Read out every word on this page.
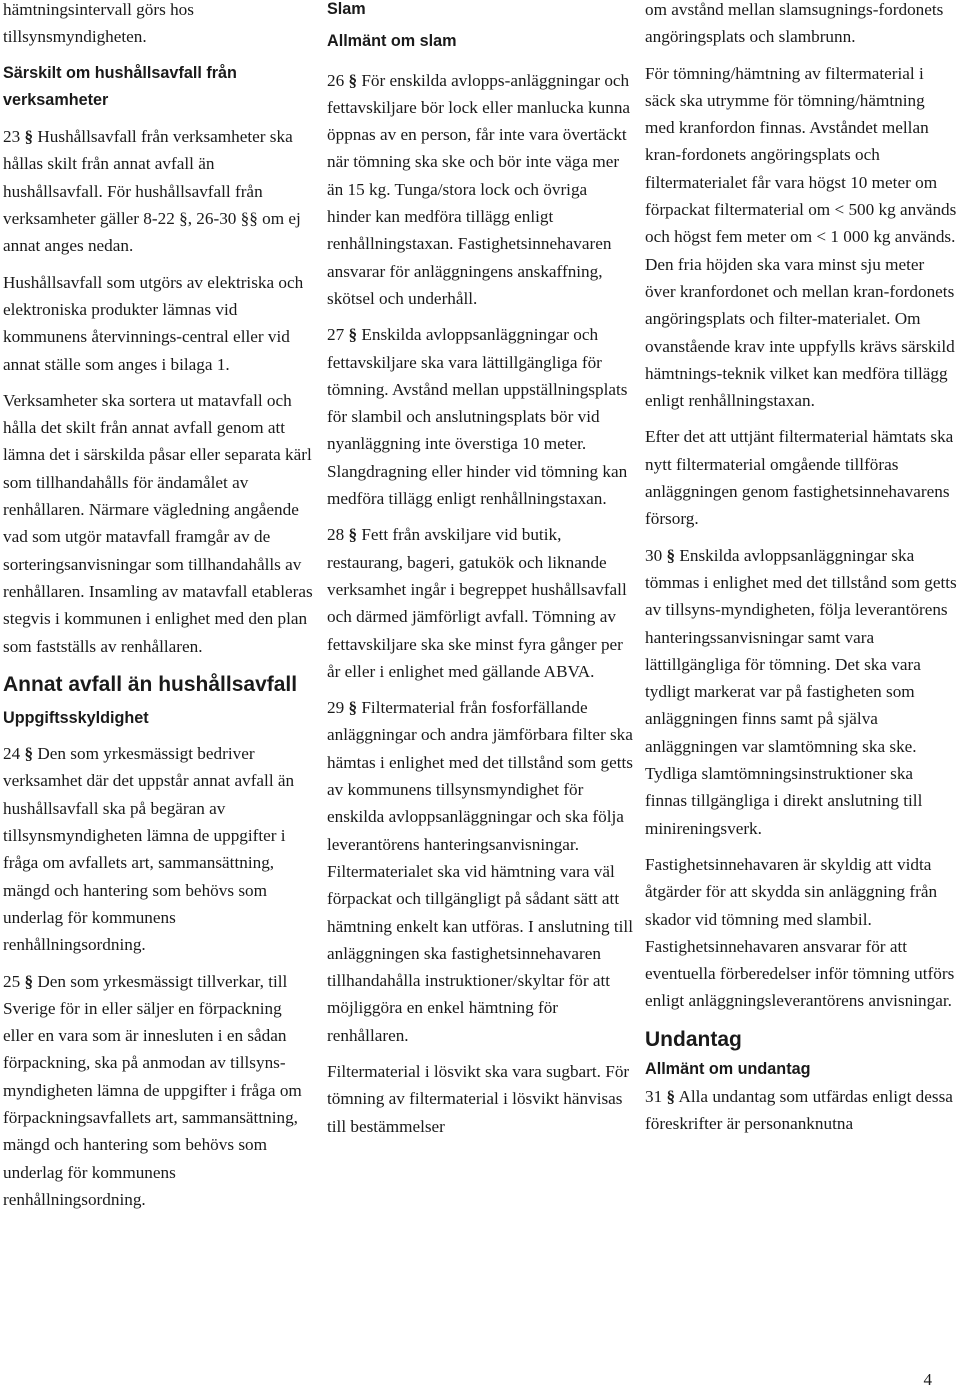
hämtningsintervall görs hos tillsynsmyndigheten.

Särskilt om hushållsavfall från verksamheter

23 § Hushållsavfall från verksamheter ska hållas skilt från annat avfall än hushållsavfall. För hushållsavfall från verksamheter gäller 8-22 §, 26-30 §§ om ej annat anges nedan.

Hushållsavfall som utgörs av elektriska och elektroniska produkter lämnas vid kommunens återvinnings-central eller vid annat ställe som anges i bilaga 1.

Verksamheter ska sortera ut matavfall och hålla det skilt från annat avfall genom att lämna det i särskilda påsar eller separata kärl som tillhandahålls för ändamålet av renhållaren. Närmare vägledning angående vad som utgör matavfall framgår av de sorteringsanvisningar som tillhandahålls av renhållaren. Insamling av matavfall etableras stegvis i kommunen i enlighet med den plan som fastställs av renhållaren.

Annat avfall än hushållsavfall
Uppgiftsskyldighet

24 § Den som yrkesmässigt bedriver verksamhet där det uppstår annat avfall än hushållsavfall ska på begäran av tillsynsmyndigheten lämna de uppgifter i fråga om avfallets art, sammansättning, mängd och hantering som behövs som underlag för kommunens renhållningsordning.

25 § Den som yrkesmässigt tillverkar, till Sverige för in eller säljer en förpackning eller en vara som är innesluten i en sådan förpackning, ska på anmodan av tillsyns-myndigheten lämna de uppgifter i fråga om förpackningsavfallets art, sammansättning, mängd och hantering som behövs som underlag för kommunens renhållningsordning.

Slam
Allmänt om slam

26 § För enskilda avlopps-anläggningar och fettavskiljare bör lock eller manlucka kunna öppnas av en person, får inte vara övertäckt när tömning ska ske och bör inte väga mer än 15 kg. Tunga/stora lock och övriga hinder kan medföra tillägg enligt renhållningstaxan. Fastighetsinnehavaren ansvarar för anläggningens anskaffning, skötsel och underhåll.

27 § Enskilda avloppsanläggningar och fettavskiljare ska vara lättillgängliga för tömning. Avstånd mellan uppställningsplats för slambil och anslutningsplats bör vid nyanläggning inte överstiga 10 meter. Slangdragning eller hinder vid tömning kan medföra tillägg enligt renhållningstaxan.

28 § Fett från avskiljare vid butik, restaurang, bageri, gatukök och liknande verksamhet ingår i begreppet hushållsavfall och därmed jämförligt avfall. Tömning av fettavskiljare ska ske minst fyra gånger per år eller i enlighet med gällande ABVA.

29 § Filtermaterial från fosforfällande anläggningar och andra jämförbara filter ska hämtas i enlighet med det tillstånd som getts av kommunens tillsynsmyndighet för enskilda avloppsanläggningar och ska följa leverantörens hanteringsanvisningar. Filtermaterialet ska vid hämtning vara väl förpackat och tillgängligt på sådant sätt att hämtning enkelt kan utföras. I anslutning till anläggningen ska fastighetsinnehavaren tillhandahålla instruktioner/skyltar för att möjliggöra en enkel hämtning för renhållaren.

Filtermaterial i lösvikt ska vara sugbart. För tömning av filtermaterial i lösvikt hänvisas till bestämmelser

om avstånd mellan slamsugnings-fordonets angöringsplats och slambrunn.

För tömning/hämtning av filtermaterial i säck ska utrymme för tömning/hämtning med kranfordon finnas. Avståndet mellan kran-fordonets angöringsplats och filtermaterialet får vara högst 10 meter om förpackat filtermaterial om < 500 kg används och högst fem meter om < 1 000 kg används. Den fria höjden ska vara minst sju meter över kranfordonet och mellan kran-fordonets angöringsplats och filter-materialet. Om ovanstående krav inte uppfylls krävs särskild hämtnings-teknik vilket kan medföra tillägg enligt renhållningstaxan.

Efter det att uttjänt filtermaterial hämtats ska nytt filtermaterial omgående tillföras anläggningen genom fastighetsinnehavarens försorg.

30 § Enskilda avloppsanläggningar ska tömmas i enlighet med det tillstånd som getts av tillsyns-myndigheten, följa leverantörens hanteringssanvisningar samt vara lättillgängliga för tömning. Det ska vara tydligt markerat var på fastigheten som anläggningen finns samt på själva anläggningen var slamtömning ska ske. Tydliga slamtömningsinstruktioner ska finnas tillgängliga i direkt anslutning till minireningsverk.

Fastighetsinnehavaren är skyldig att vidta åtgärder för att skydda sin anläggning från skador vid tömning med slambil. Fastighetsinnehavaren ansvarar för att eventuella förberedelser inför tömning utförs enligt anläggningsleverantörens anvisningar.

Undantag
Allmänt om undantag

31 § Alla undantag som utfärdas enligt dessa föreskrifter är personanknutna

4
